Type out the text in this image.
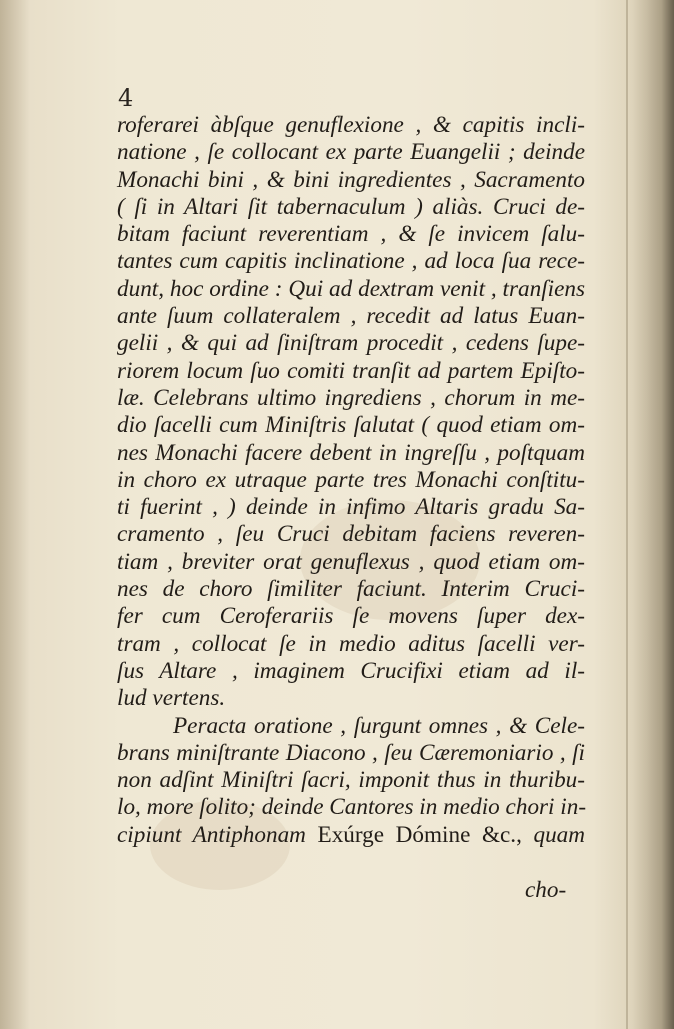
4
roferarei àbſque genuflexione , & capitis incli-
natione , ſe collocant ex parte Euangelii ; deinde
Monachi bini , & bini ingredientes , Sacramento
( ſi in Altari ſit tabernaculum ) aliàs. Cruci de-
bitam faciunt reverentiam , & ſe invicem ſalu-
tantes cum capitis inclinatione , ad loca ſua rece-
dunt, hoc ordine : Qui ad dextram venit , tranſiens
ante ſuum collateralem , recedit ad latus Euan-
gelii , & qui ad ſiniſtram procedit , cedens ſupe-
riorem locum ſuo comiti tranſit ad partem Epiſto-
læ. Celebrans ultimo ingrediens , chorum in me-
dio ſacelli cum Miniſtris ſalutat ( quod etiam om-
nes Monachi facere debent in ingreſſu , poſtquam
in choro ex utraque parte tres Monachi conſtitu-
ti fuerint , ) deinde in infimo Altaris gradu Sa-
cramento , ſeu Cruci debitam faciens reveren-
tiam , breviter orat genuflexus , quod etiam om-
nes de choro ſimiliter faciunt. Interim Cruci-
fer cum Ceroferariis ſe movens ſuper dex-
tram , collocat ſe in medio aditus ſacelli ver-
ſus Altare , imaginem Crucifixi etiam ad il-
lud vertens.
Peracta oratione , ſurgunt omnes , & Cele-
brans miniſtrante Diacono , ſeu Cæremoniario , ſi
non adſint Miniſtri ſacri, imponit thus in thuribu-
lo, more ſolito; deinde Cantores in medio chori in-
cipiunt Antiphonam Exúrge Dómine &c., quam
cho-
